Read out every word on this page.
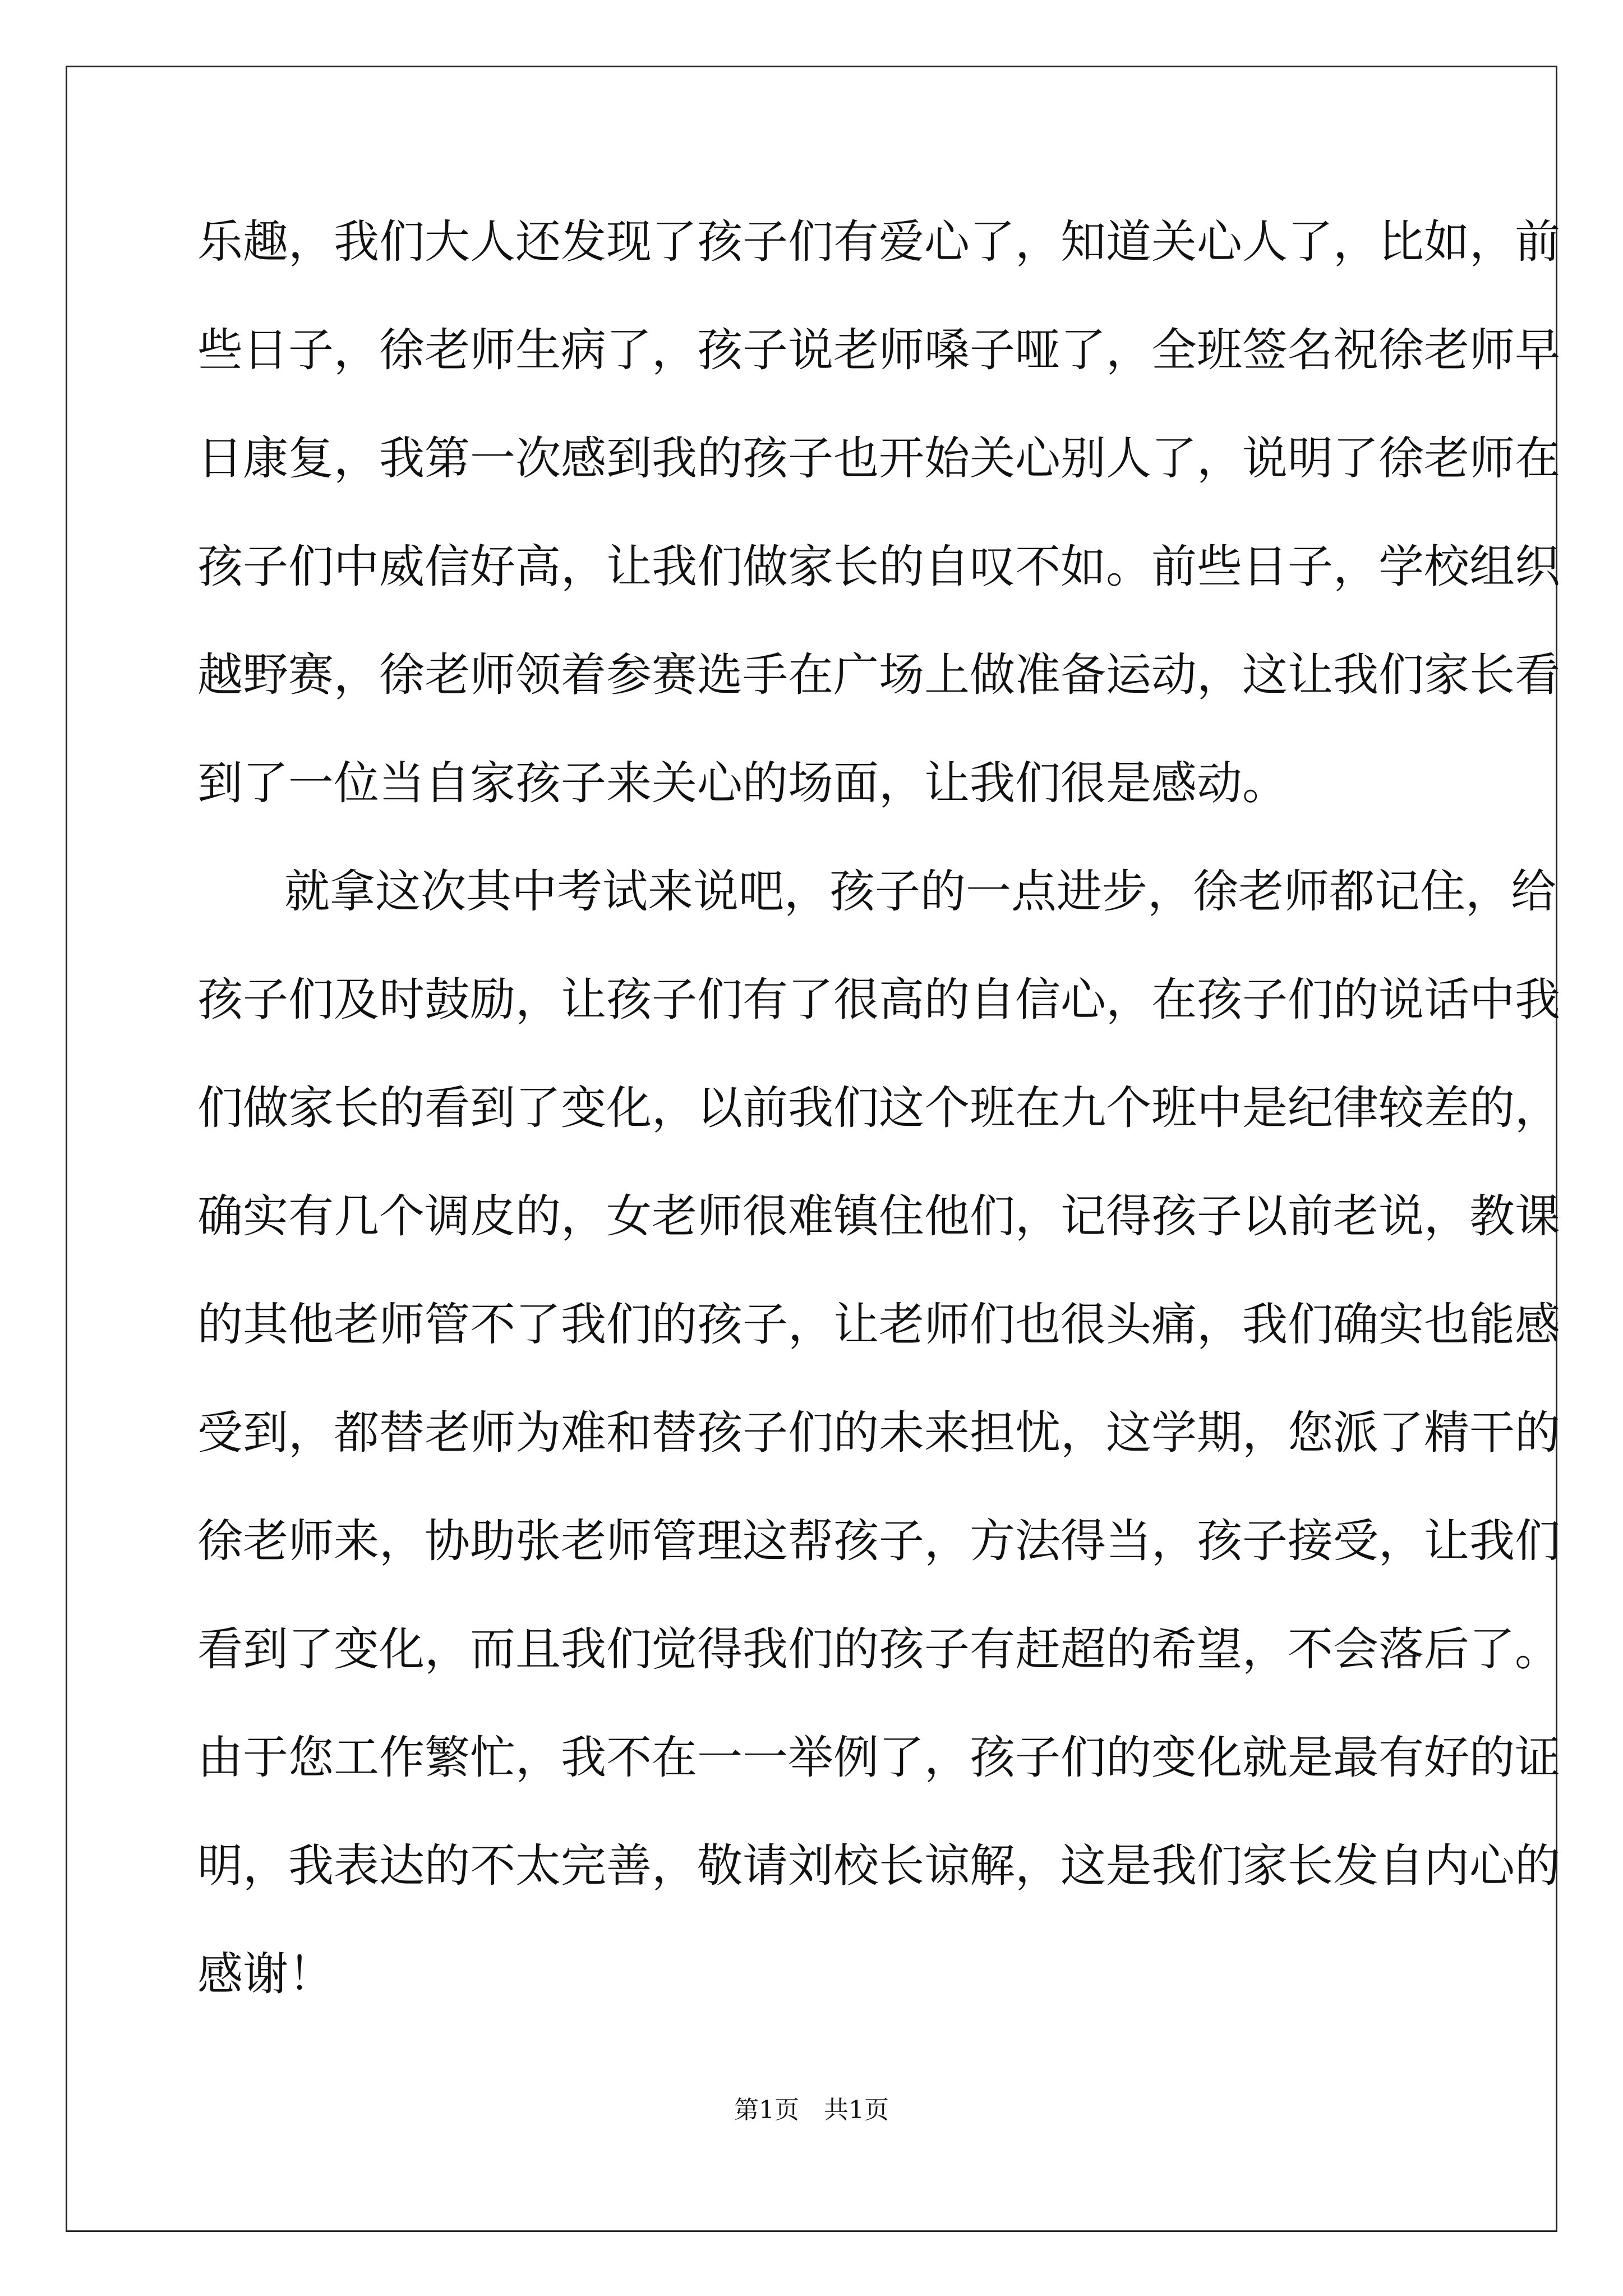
乐趣，我们大人还发现了孩子们有爱心了，知道关心人了，比如，前
些日子，徐老师生病了，孩子说老师嗓子哑了，全班签名祝徐老师早
日康复，我第一次感到我的孩子也开始关心别人了，说明了徐老师在
孩子们中威信好高，让我们做家长的自叹不如。前些日子，学校组织
越野赛，徐老师领着参赛选手在广场上做准备运动，这让我们家长看
到了一位当自家孩子来关心的场面，让我们很是感动。
就拿这次其中考试来说吧，孩子的一点进步，徐老师都记住，给
孩子们及时鼓励，让孩子们有了很高的自信心，在孩子们的说话中我
们做家长的看到了变化，以前我们这个班在九个班中是纪律较差的，
确实有几个调皮的，女老师很难镇住他们，记得孩子以前老说，教课
的其他老师管不了我们的孩子，让老师们也很头痛，我们确实也能感
受到，都替老师为难和替孩子们的未来担忧，这学期，您派了精干的
徐老师来，协助张老师管理这帮孩子，方法得当，孩子接受，让我们
看到了变化，而且我们觉得我们的孩子有赶超的希望，不会落后了。
由于您工作繁忙，我不在一一举例了，孩子们的变化就是最有好的证
明，我表达的不太完善，敬请刘校长谅解，这是我们家长发自内心的
感谢！
第1页　共1页
